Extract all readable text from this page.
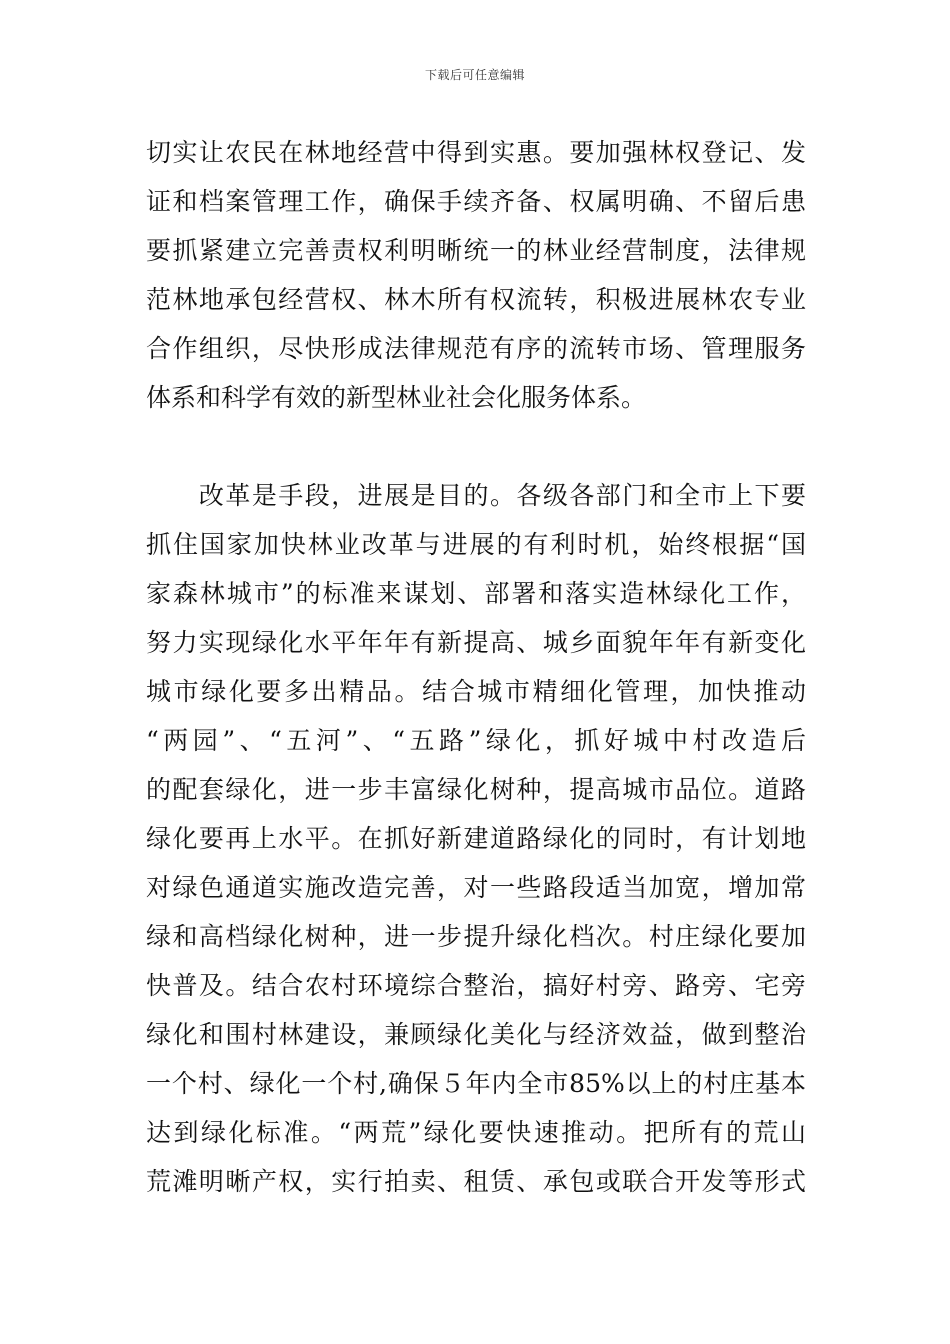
下载后可任意编辑
切实让农民在林地经营中得到实惠。要加强林权登记、发
证和档案管理工作，确保手续齐备、权属明确、不留后患
要抓紧建立完善责权利明晰统一的林业经营制度，法律规
范林地承包经营权、林木所有权流转，积极进展林农专业
合作组织，尽快形成法律规范有序的流转市场、管理服务
体系和科学有效的新型林业社会化服务体系。
　　改革是手段，进展是目的。各级各部门和全市上下要
抓住国家加快林业改革与进展的有利时机，始终根据“国
家森林城市”的标准来谋划、部署和落实造林绿化工作，
努力实现绿化水平年年有新提高、城乡面貌年年有新变化
城市绿化要多出精品。结合城市精细化管理，加快推动
“两园”、“五河”、“五路”绿化，抓好城中村改造后
的配套绿化，进一步丰富绿化树种，提高城市品位。道路
绿化要再上水平。在抓好新建道路绿化的同时，有计划地
对绿色通道实施改造完善，对一些路段适当加宽，增加常
绿和高档绿化树种，进一步提升绿化档次。村庄绿化要加
快普及。结合农村环境综合整治，搞好村旁、路旁、宅旁
绿化和围村林建设，兼顾绿化美化与经济效益，做到整治
一个村、绿化一个村,确保５年内全市85%以上的村庄基本
达到绿化标准。“两荒”绿化要快速推动。把所有的荒山
荒滩明晰产权，实行拍卖、租赁、承包或联合开发等形式
